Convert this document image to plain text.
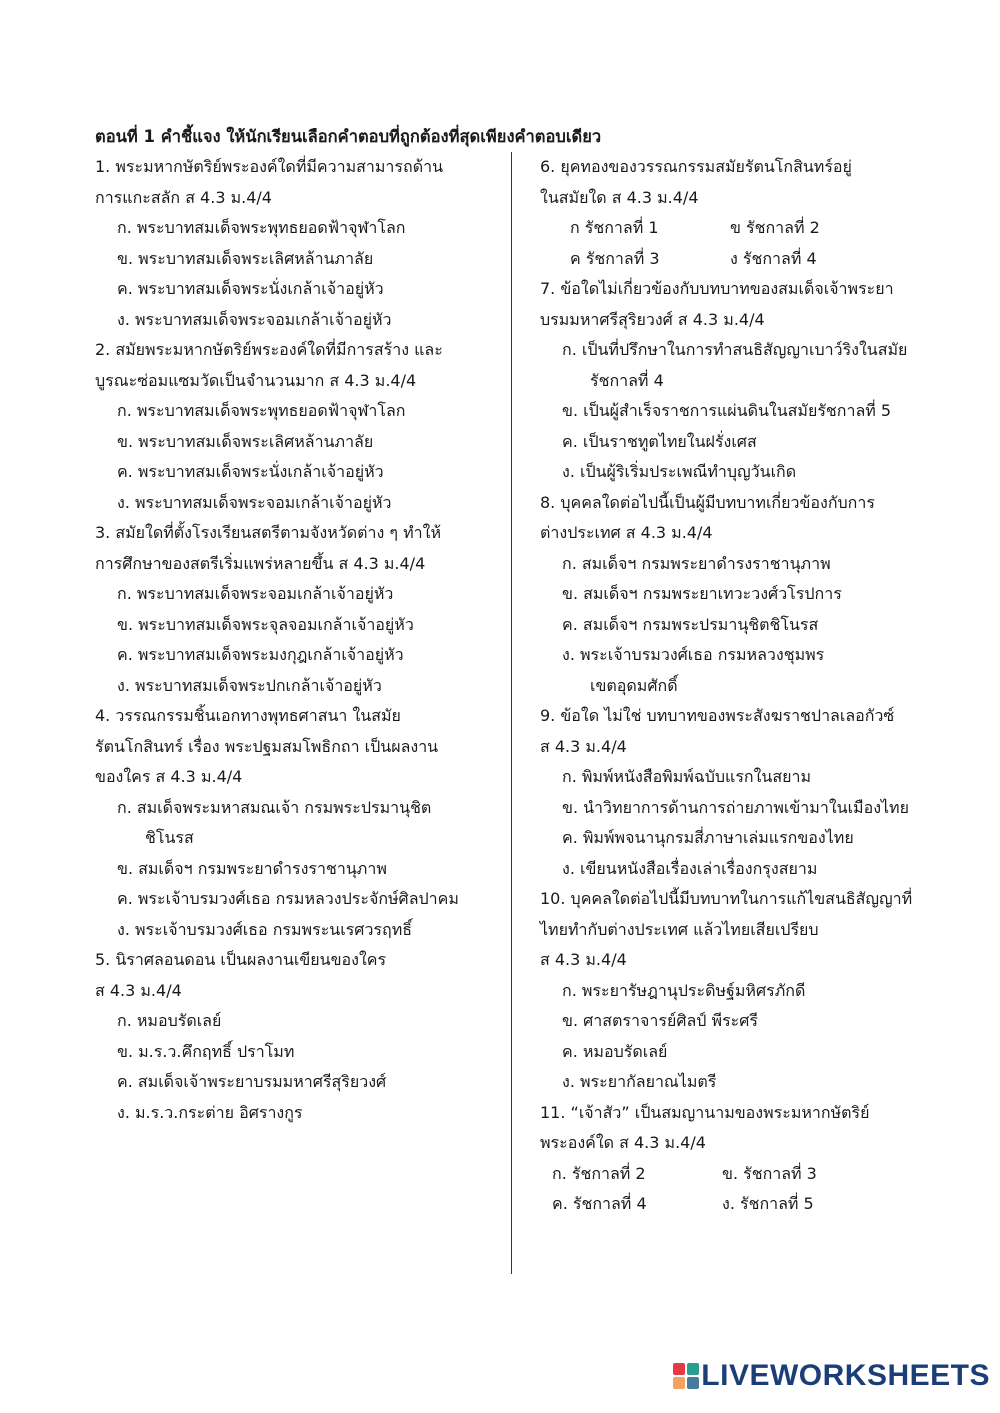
ตอนที่ 1 คำชี้แจง ให้นักเรียนเลือกคำตอบที่ถูกต้องที่สุดเพียงคำตอบเดียว
1. พระมหากษัตริย์พระองค์ใดที่มีความสามารถด้าน
การแกะสลัก ส 4.3 ม.4/4
ก. พระบาทสมเด็จพระพุทธยอดฟ้าจุฬาโลก
ข. พระบาทสมเด็จพระเลิศหล้านภาลัย
ค. พระบาทสมเด็จพระนั่งเกล้าเจ้าอยู่หัว
ง. พระบาทสมเด็จพระจอมเกล้าเจ้าอยู่หัว
2. สมัยพระมหากษัตริย์พระองค์ใดที่มีการสร้าง และ
บูรณะซ่อมแซมวัดเป็นจำนวนมาก ส 4.3 ม.4/4
ก. พระบาทสมเด็จพระพุทธยอดฟ้าจุฬาโลก
ข. พระบาทสมเด็จพระเลิศหล้านภาลัย
ค. พระบาทสมเด็จพระนั่งเกล้าเจ้าอยู่หัว
ง. พระบาทสมเด็จพระจอมเกล้าเจ้าอยู่หัว
3. สมัยใดที่ตั้งโรงเรียนสตรีตามจังหวัดต่าง ๆ ทำให้
การศึกษาของสตรีเริ่มแพร่หลายขึ้น ส 4.3 ม.4/4
ก. พระบาทสมเด็จพระจอมเกล้าเจ้าอยู่หัว
ข. พระบาทสมเด็จพระจุลจอมเกล้าเจ้าอยู่หัว
ค. พระบาทสมเด็จพระมงกุฎเกล้าเจ้าอยู่หัว
ง. พระบาทสมเด็จพระปกเกล้าเจ้าอยู่หัว
4. วรรณกรรมชิ้นเอกทางพุทธศาสนา ในสมัย
รัตนโกสินทร์ เรื่อง พระปฐมสมโพธิกถา เป็นผลงาน
ของใคร ส 4.3 ม.4/4
ก. สมเด็จพระมหาสมณเจ้า กรมพระปรมานุชิต
ชิโนรส
ข. สมเด็จฯ กรมพระยาดำรงราชานุภาพ
ค. พระเจ้าบรมวงศ์เธอ กรมหลวงประจักษ์ศิลปาคม
ง. พระเจ้าบรมวงศ์เธอ กรมพระนเรศวรฤทธิ์
5. นิราศลอนดอน เป็นผลงานเขียนของใคร
ส 4.3 ม.4/4
ก. หมอบรัดเลย์
ข. ม.ร.ว.คึกฤทธิ์ ปราโมท
ค. สมเด็จเจ้าพระยาบรมมหาศรีสุริยวงศ์
ง. ม.ร.ว.กระต่าย อิศรางกูร
6. ยุคทองของวรรณกรรมสมัยรัตนโกสินทร์อยู่
ในสมัยใด ส 4.3 ม.4/4
ก รัชกาลที่ 1	ข รัชกาลที่ 2
ค รัชกาลที่ 3	ง รัชกาลที่ 4
7. ข้อใดไม่เกี่ยวข้องกับบทบาทของสมเด็จเจ้าพระยา
บรมมหาศรีสุริยวงศ์ ส 4.3 ม.4/4
ก. เป็นที่ปรึกษาในการทำสนธิสัญญาเบาว์ริงในสมัย
รัชกาลที่ 4
ข. เป็นผู้สำเร็จราชการแผ่นดินในสมัยรัชกาลที่ 5
ค. เป็นราชทูตไทยในฝรั่งเศส
ง. เป็นผู้ริเริ่มประเพณีทำบุญวันเกิด
8. บุคคลใดต่อไปนี้เป็นผู้มีบทบาทเกี่ยวข้องกับการ
ต่างประเทศ ส 4.3 ม.4/4
ก. สมเด็จฯ กรมพระยาดำรงราชานุภาพ
ข. สมเด็จฯ กรมพระยาเทวะวงศ์วโรปการ
ค. สมเด็จฯ กรมพระปรมานุชิตชิโนรส
ง. พระเจ้าบรมวงศ์เธอ กรมหลวงชุมพร
เขตอุดมศักดิ์
9. ข้อใด ไม่ใช่ บทบาทของพระสังฆราชปาลเลอกัวซ์
ส 4.3 ม.4/4
ก. พิมพ์หนังสือพิมพ์ฉบับแรกในสยาม
ข. นำวิทยาการด้านการถ่ายภาพเข้ามาในเมืองไทย
ค. พิมพ์พจนานุกรมสี่ภาษาเล่มแรกของไทย
ง. เขียนหนังสือเรื่องเล่าเรื่องกรุงสยาม
10. บุคคลใดต่อไปนี้มีบทบาทในการแก้ไขสนธิสัญญาที่
ไทยทำกับต่างประเทศ แล้วไทยเสียเปรียบ
ส 4.3 ม.4/4
ก. พระยารัษฎานุประดิษฐ์มหิศรภักดี
ข. ศาสตราจารย์ศิลป์ พีระศรี
ค. หมอบรัดเลย์
ง. พระยากัลยาณไมตรี
11. “เจ้าสัว” เป็นสมญานามของพระมหากษัตริย์
พระองค์ใด ส 4.3 ม.4/4
ก. รัชกาลที่ 2	ข. รัชกาลที่ 3
ค. รัชกาลที่ 4	ง. รัชกาลที่ 5
LIVEWORKSHEETS
